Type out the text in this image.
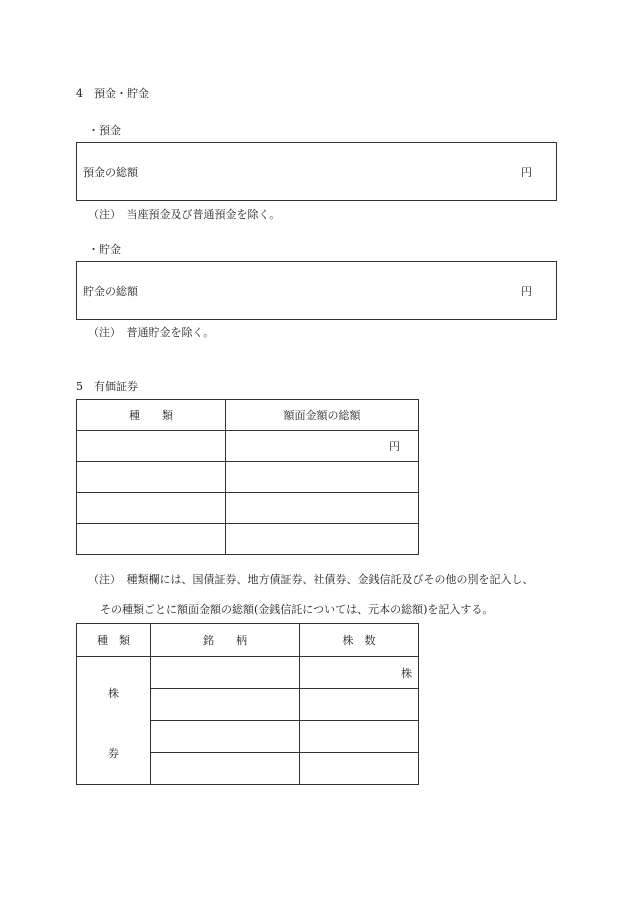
4　預金・貯金
・預金
預金の総額	円
（注）　当座預金及び普通預金を除く。
・貯金
貯金の総額	円
（注）　普通貯金を除く。
5　有価証券
種　　類	額面金額の総額
	円

（注）　種類欄には、国債証券、地方債証券、社債券、金銭信託及びその他の別を記入し、
その種類ごとに額面金額の総額(金銭信託については、元本の総額)を記入する。
種　類	銘　　柄	株　数

株
券		株
